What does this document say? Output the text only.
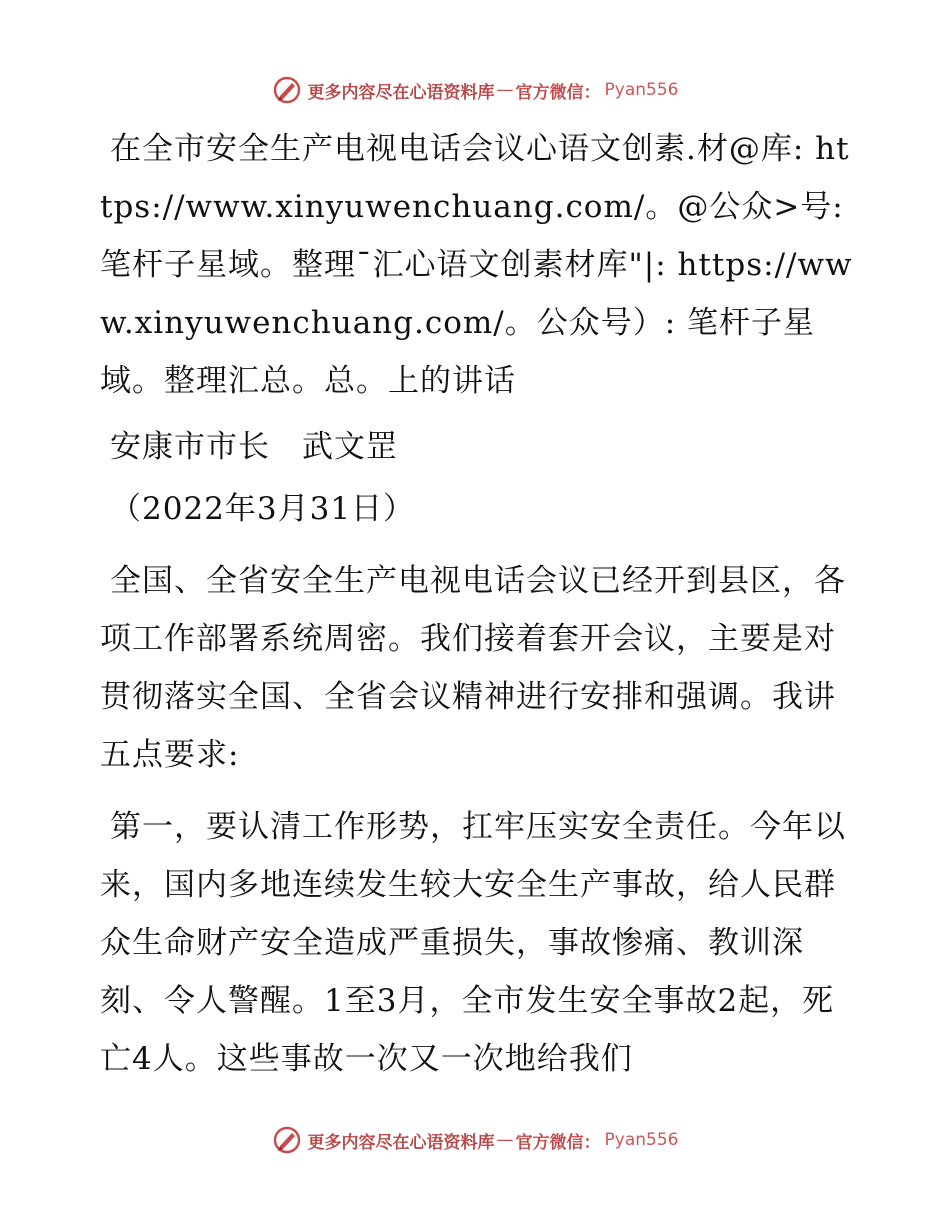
更多内容尽在心语资料库 — 官方微信： Pyan556

在全市安全生产电视电话会议心语文创素.材@库: https://www.xinyuwenchuang.com/。@公众>号: 笔杆子星域。整理¯汇心语文创素材库"|: https://www.xinyuwenchuang.com/。公众号）: 笔杆子星域。整理汇总。总。上的讲话

安康市市长　武文罡

（2022年3月31日）

全国、全省安全生产电视电话会议已经开到县区，各项工作部署系统周密。我们接着套开会议，主要是对贯彻落实全国、全省会议精神进行安排和强调。我讲五点要求:

第一，要认清工作形势，扛牢压实安全责任。今年以来，国内多地连续发生较大安全生产事故，给人民群众生命财产安全造成严重损失，事故惨痛、教训深刻、令人警醒。1至3月，全市发生安全事故2起，死亡4人。这些事故一次又一次地给我们

更多内容尽在心语资料库 — 官方微信： Pyan556
